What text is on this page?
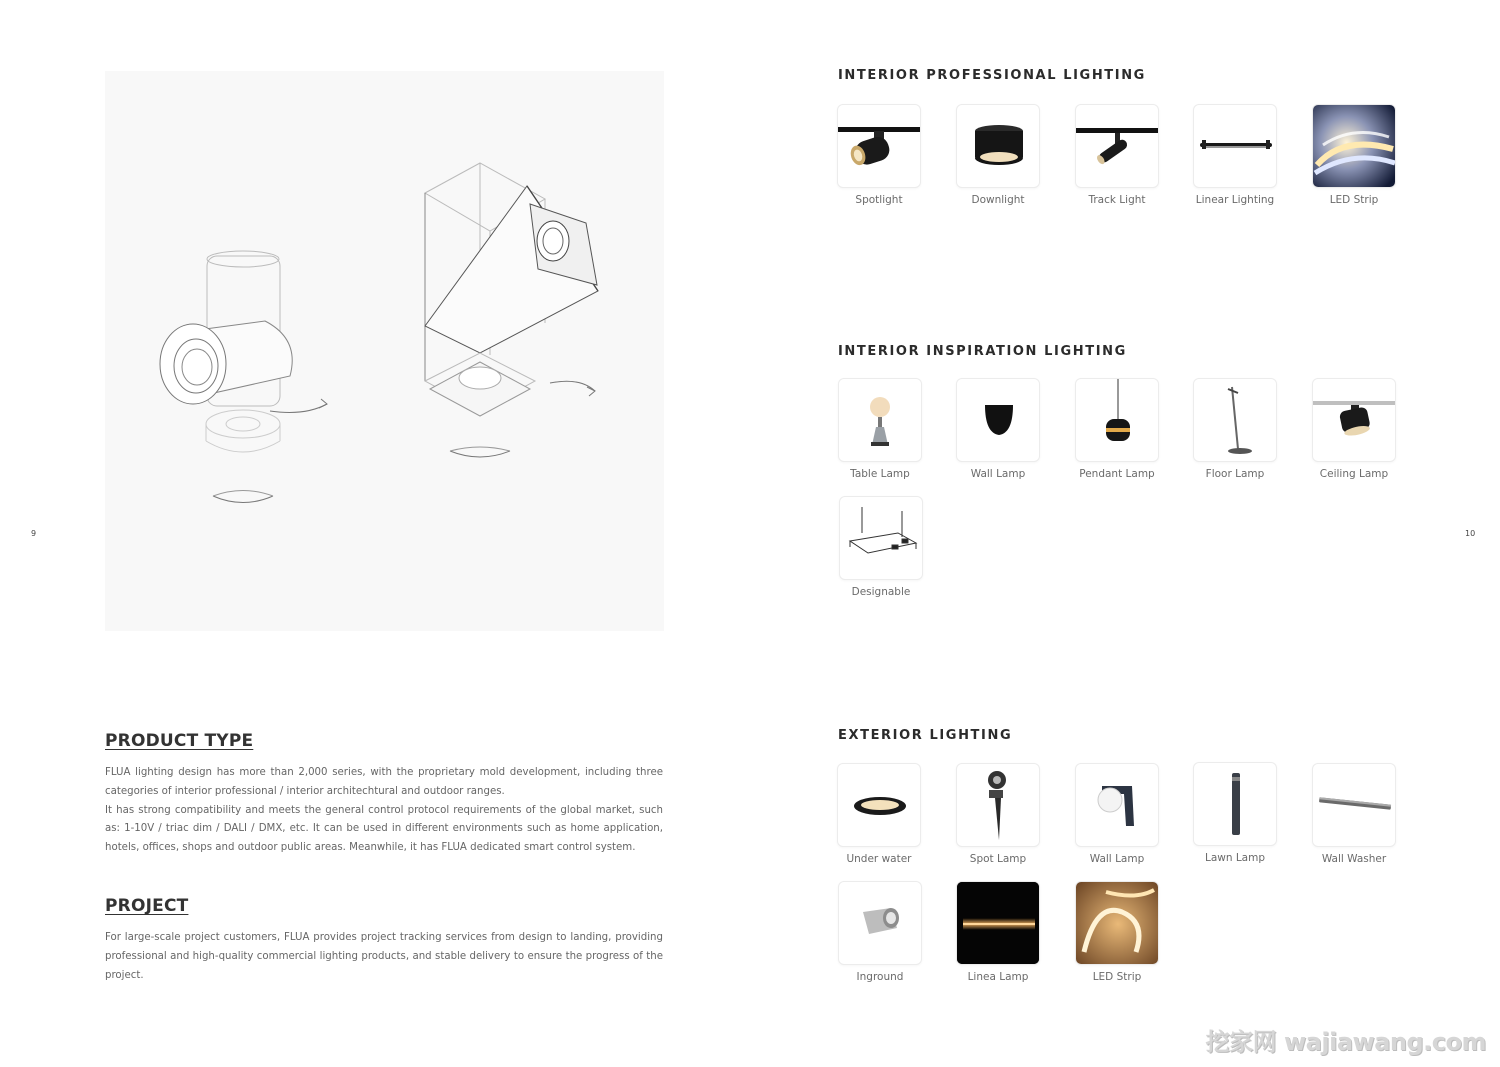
9	10
PRODUCT TYPE

FLUA lighting design has more than 2,000 series, with the proprietary mold development, including three categories of interior professional / interior architechtural and outdoor ranges.

It has strong compatibility and meets the general control protocol requirements of the global market, such as: 1-10V / triac dim / DALI / DMX, etc. It can be used in different environments such as home application, hotels, offices, shops and outdoor public areas. Meanwhile, it has FLUA dedicated smart control system.

PROJECT

For large-scale project customers, FLUA provides project tracking services from design to landing, providing professional and high-quality commercial lighting products, and stable delivery to ensure the progress of the project.

INTERIOR PROFESSIONAL LIGHTING
Spotlight	Downlight	Track Light	Linear Lighting	LED Strip
INTERIOR INSPIRATION LIGHTING
Table Lamp	Wall Lamp	Pendant Lamp	Floor Lamp	Ceiling Lamp
Designable
EXTERIOR LIGHTING
Under water	Spot Lamp	Wall Lamp	Lawn Lamp	Wall Washer
Inground	Linea Lamp	LED Strip
挖家网 wajiawang.com
